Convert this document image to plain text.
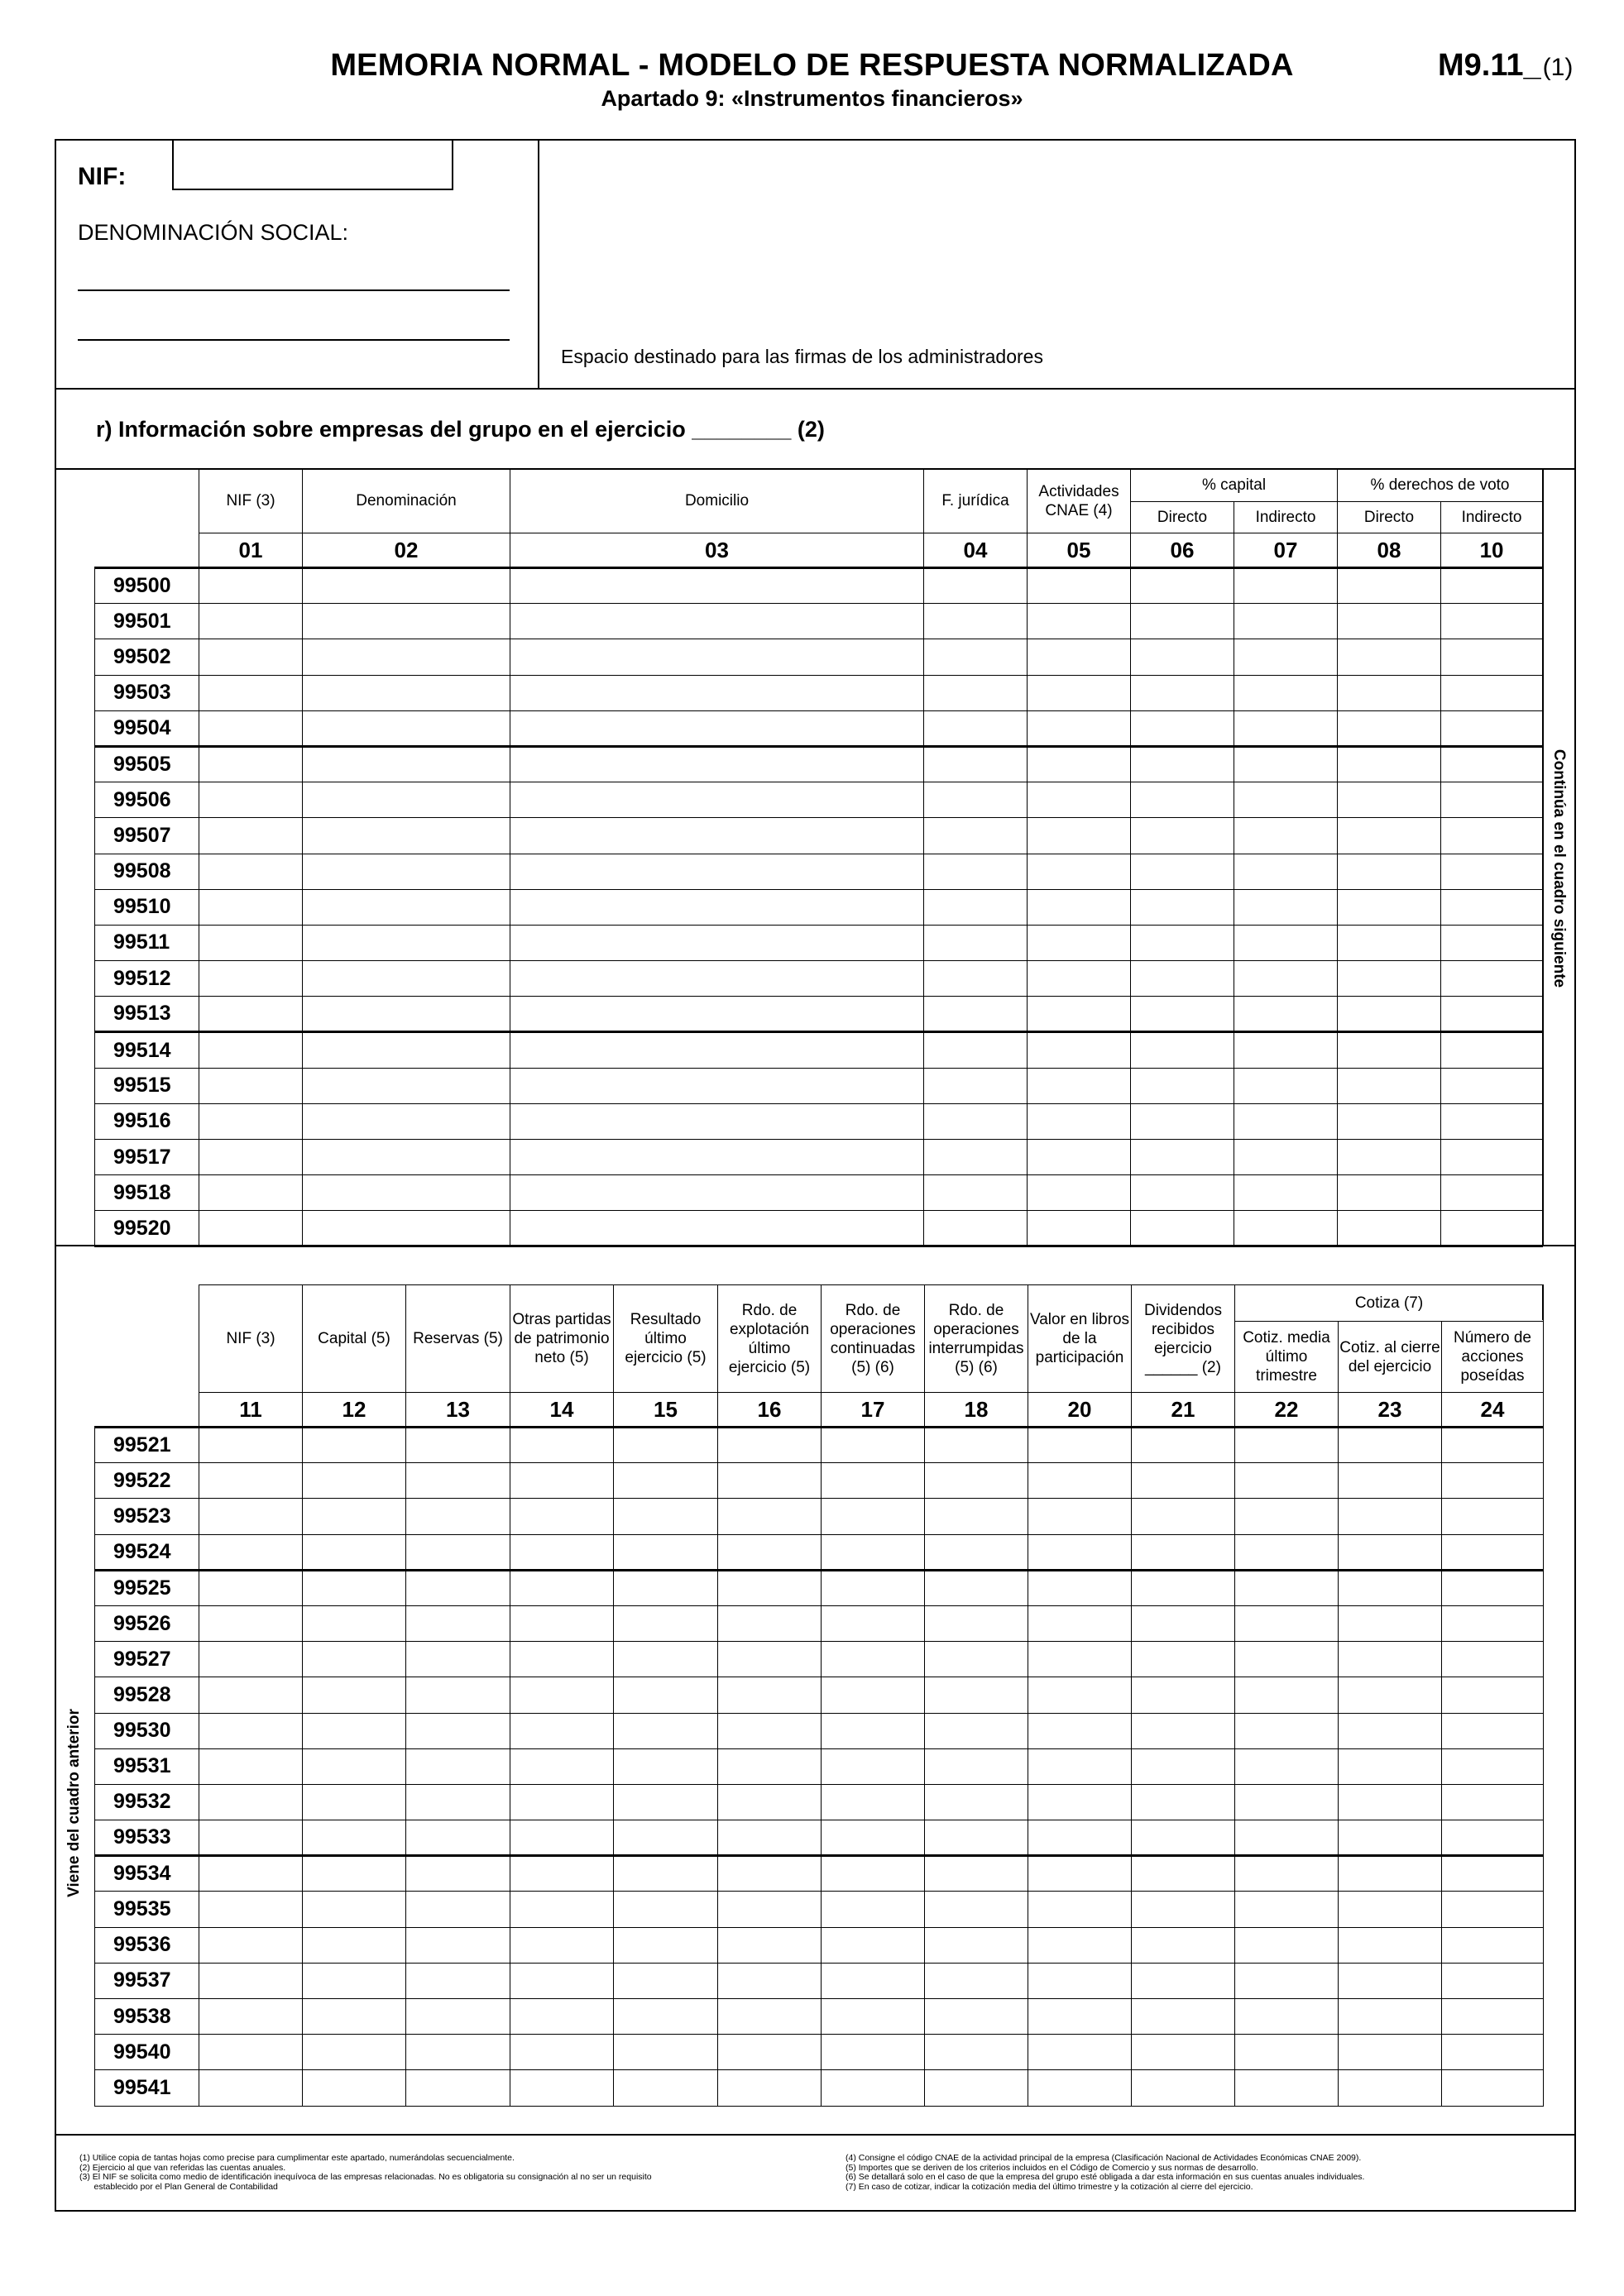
MEMORIA NORMAL - MODELO DE RESPUESTA NORMALIZADA
Apartado 9: «Instrumentos financieros»
M9.11_(1)
NIF:
DENOMINACIÓN SOCIAL:
Espacio destinado para las firmas de los administradores
r) Información sobre empresas del grupo en el ejercicio ________ (2)
	NIF (3)	Denominación	Domicilio	F. jurídica	Actividades CNAE (4)	% capital		% derechos de voto	
						Directo	Indirecto	Directo	Indirecto
	01	02	03	04	05	06	07	08	10
99500									
99501									
99502									
99503									
99504									
99505									
99506									
99507									
99508									
99510									
99511									
99512									
99513									
99514									
99515									
99516									
99517									
99518									
99520									
Continúa en el cuadro siguiente
	NIF (3)	Capital (5)	Reservas (5)	Otras partidas de patrimonio neto (5)	Resultado último ejercicio (5)	Rdo. de explotación último ejercicio (5)	Rdo. de operaciones continuadas (5) (6)	Rdo. de operaciones interrumpidas (5) (6)	Valor en libros de la participación	Dividendos recibidos ejercicio ______ (2)	Cotiza (7)		
											Cotiz. media último trimestre	Cotiz. al cierre del ejercicio	Número de acciones poseídas
	11	12	13	14	15	16	17	18	20	21	22	23	24
99521													
99522													
99523													
99524													
99525													
99526													
99527													
99528													
99530													
99531													
99532													
99533													
99534													
99535													
99536													
99537													
99538													
99540													
99541													
Viene del cuadro anterior
(1) Utilice copia de tantas hojas como precise para cumplimentar este apartado, numerándolas secuencialmente.
(2) Ejercicio al que van referidas las cuentas anuales.
(3) El NIF se solicita como medio de identificación inequívoca de las empresas relacionadas. No es obligatoria su consignación al no ser un requisito
establecido por el Plan General de Contabilidad
(4) Consigne el código CNAE de la actividad principal de la empresa (Clasificación Nacional de Actividades Económicas CNAE 2009).
(5) Importes que se deriven de los criterios incluidos en el Código de Comercio y sus normas de desarrollo.
(6) Se detallará solo en el caso de que la empresa del grupo esté obligada a dar esta información en sus cuentas anuales individuales.
(7) En caso de cotizar, indicar la cotización media del último trimestre y la cotización al cierre del ejercicio.
